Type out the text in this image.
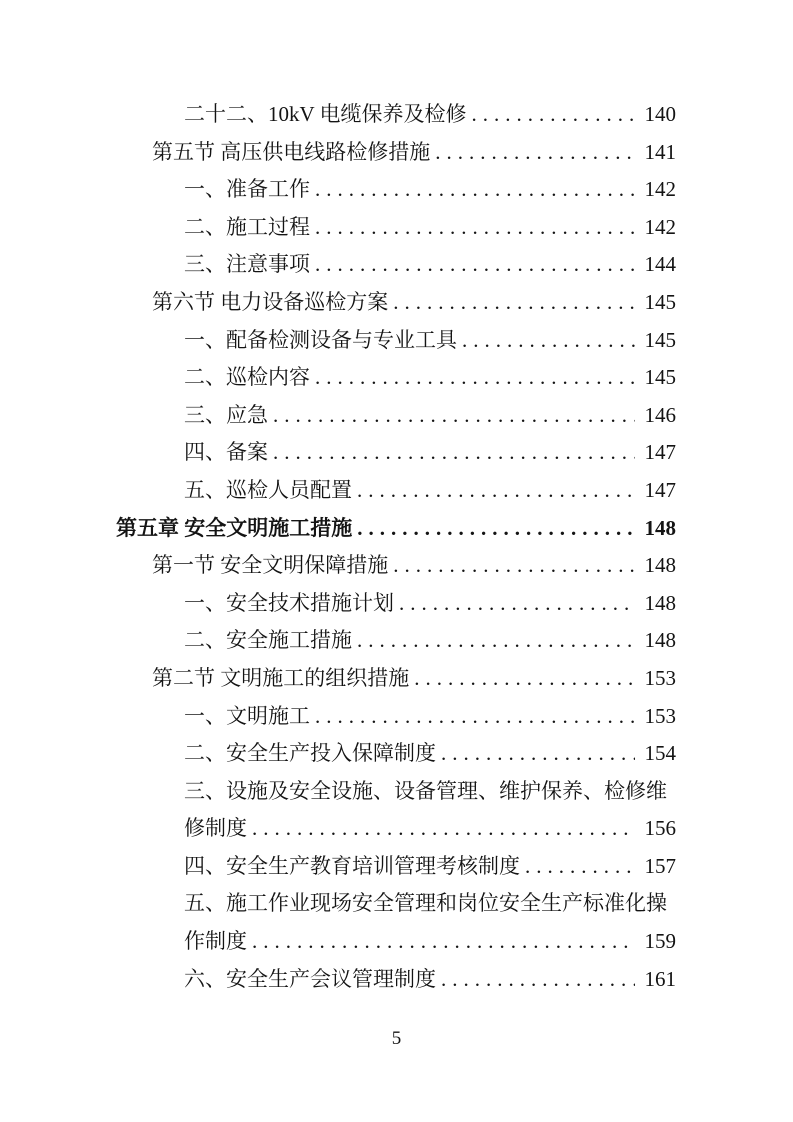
二十二、10kV 电缆保养及检修 .....	140
第五节 高压供电线路检修措施 .....	141
一、准备工作 .....	142
二、施工过程 .....	142
三、注意事项 .....	144
第六节 电力设备巡检方案 .....	145
一、配备检测设备与专业工具 .....	145
二、巡检内容 .....	145
三、应急 .....	146
四、备案 .....	147
五、巡检人员配置 .....	147
第五章 安全文明施工措施 .....	148
第一节 安全文明保障措施 .....	148
一、安全技术措施计划 .....	148
二、安全施工措施 .....	148
第二节 文明施工的组织措施 .....	153
一、文明施工 .....	153
二、安全生产投入保障制度 .....	154
三、设施及安全设施、设备管理、维护保养、检修维
修制度 .....	156
四、安全生产教育培训管理考核制度 .....	157
五、施工作业现场安全管理和岗位安全生产标准化操
作制度 .....	159
六、安全生产会议管理制度 .....	161
5
